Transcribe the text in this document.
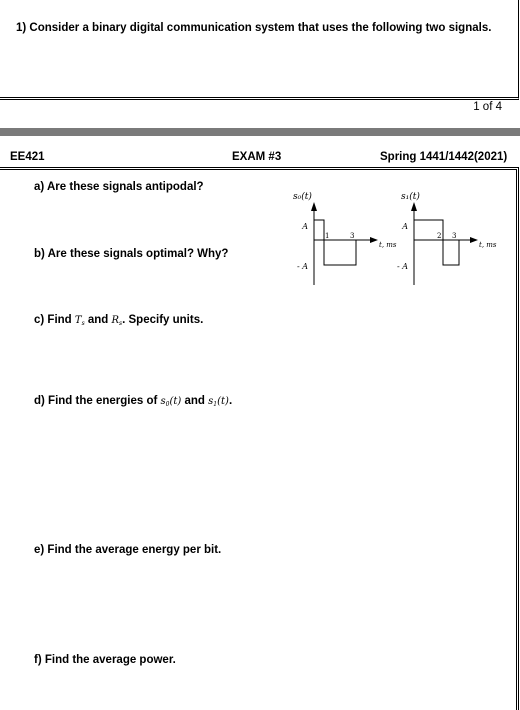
1) Consider a binary digital communication system that uses the following two signals.
1 of 4
EE421	EXAM #3	Spring 1441/1442(2021)
a) Are these signals antipodal?
b) Are these signals optimal? Why?
c) Find $T_s$ and $R_s$. Specify units.
d) Find the energies of $s_0(t)$ and $s_1(t)$.
e) Find the average energy per bit.
f) Find the average power.
s₀(t)
A
- A
1	3
t, ms
s₁(t)
A
- A
2 3
t, ms
